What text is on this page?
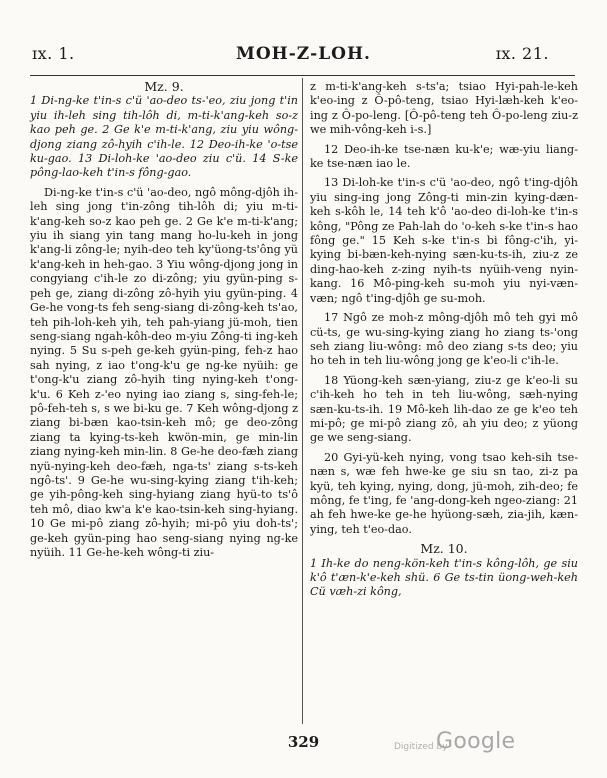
ɪx. 1.	MOH-Z-LOH.	ɪx. 21.

Mz. 9.

1 Di-ng-ke t'in-s c'ü 'ao-deo ts-'eo, ziu jong t'in yiu ih-leh sing tih-lôh di, m-ti-k'ang-keh so-z kao peh ge. 2 Ge k'e m-ti-k'ang, ziu yiu wông-djong ziang zô-hyih c'ih-le. 12 Deo-ih-ke 'o-tse ku-gao. 13 Di-loh-ke 'ao-deo ziu c'ü. 14 S-ke pông-lao-keh t'in-s fông-gao.

Di-ng-ke t'in-s c'ü 'ao-deo, ngô mông-djôh ih-leh sing jong t'in-zông tih-lôh di; yiu m-ti-k'ang-keh so-z kao peh ge. 2 Ge k'e m-ti-k'ang; yiu ih siang yin tang mang ho-lu-keh in jong k'ang-li zông-le; nyih-deo teh ky'üong-ts'ông yü k'ang-keh in heh-gao. 3 Yiu wông-djong jong in congyiang c'ih-le zo di-zông; yiu gyün-ping s-peh ge, ziang di-zông zô-hyih yiu gyün-ping. 4 Ge-he vong-ts feh seng-siang di-zông-keh ts'ao, teh pih-loh-keh yih, teh pah-yiang jü-moh, tien seng-siang ngah-kôh-deo m-yiu Zông-ti ing-keh nying. 5 Su s-peh ge-keh gyün-ping, feh-z hao sah nying, z iao t'ong-k'u ge ng-ke nyüih: ge t'ong-k'u ziang zô-hyih ting nying-keh t'ong-k'u. 6 Keh z-'eo nying iao ziang s, sing-feh-le; pô-feh-teh s, s we bi-ku ge. 7 Keh wông-djong z ziang bi-bæn kao-tsin-keh mô; ge deo-zông ziang ta kying-ts-keh kwön-min, ge min-lin ziang nying-keh min-lin. 8 Ge-he deo-fæh ziang nyü-nying-keh deo-fæh, nga-ts' ziang s-ts-keh ngô-ts'. 9 Ge-he wu-sing-kying ziang t'ih-keh; ge yih-pông-keh sing-hyiang ziang hyü-to ts'ô teh mô, diao kw'a k'e kao-tsin-keh sing-hyiang. 10 Ge mi-pô ziang zô-hyih; mi-pô yiu doh-ts'; ge-keh gyün-ping hao seng-siang nying ng-ke nyüih. 11 Ge-he-keh wông-ti ziu-

z m-ti-k'ang-keh s-ts'a; tsiao Hyi-pah-le-keh k'eo-ing z Ô-pô-teng, tsiao Hyi-læh-keh k'eo-ing z Ô-po-leng. [Ô-pô-teng teh Ô-po-leng ziu-z we mih-vông-keh i-s.]

12 Deo-ih-ke tse-næn ku-k'e; wæ-yiu liang-ke tse-næn iao le.

13 Di-loh-ke t'in-s c'ü 'ao-deo, ngô t'ing-djôh yiu sing-ing jong Zông-ti min-zin kying-dæn-keh s-kôh le, 14 teh k'ô 'ao-deo di-loh-ke t'in-s kông, "Pông ze Pah-lah do 'o-keh s-ke t'in-s hao fông ge." 15 Keh s-ke t'in-s bi fông-c'ih, yi-kying bi-bæn-keh-nying sæn-ku-ts-ih, ziu-z ze ding-hao-keh z-zing nyih-ts nyüih-veng nyin-kang. 16 Mô-ping-keh su-moh yiu nyi-væn-væn; ngô t'ing-djôh ge su-moh.

17 Ngô ze moh-z mông-djôh mô teh gyi mô cü-ts, ge wu-sing-kying ziang ho ziang ts-'ong seh ziang liu-wông: mô deo ziang s-ts deo; yiu ho teh in teh liu-wông jong ge k'eo-li c'ih-le.

18 Yüong-keh sæn-yiang, ziu-z ge k'eo-li su c'ih-keh ho teh in teh liu-wông, sæh-nying sæn-ku-ts-ih. 19 Mô-keh lih-dao ze ge k'eo teh mi-pô; ge mi-pô ziang zô, ah yiu deo; z yüong ge we seng-siang.

20 Gyi-yü-keh nying, vong tsao keh-sih tse-næn s, wæ feh hwe-ke ge siu sn tao, zi-z pa kyü, teh kying, nying, dong, jü-moh, zih-deo; fe mông, fe t'ing, fe 'ang-dong-keh ngeo-ziang: 21 ah feh hwe-ke ge-he hyüong-sæh, zia-jih, kæn-ying, teh t'eo-dao.

Mz. 10.

1 Ih-ke do neng-kön-keh t'in-s kông-lôh, ge siu k'ô t'æn-k'e-keh shü. 6 Ge ts-tin üong-weh-keh Cü væh-zi kông,

329	Digitized by
Google
